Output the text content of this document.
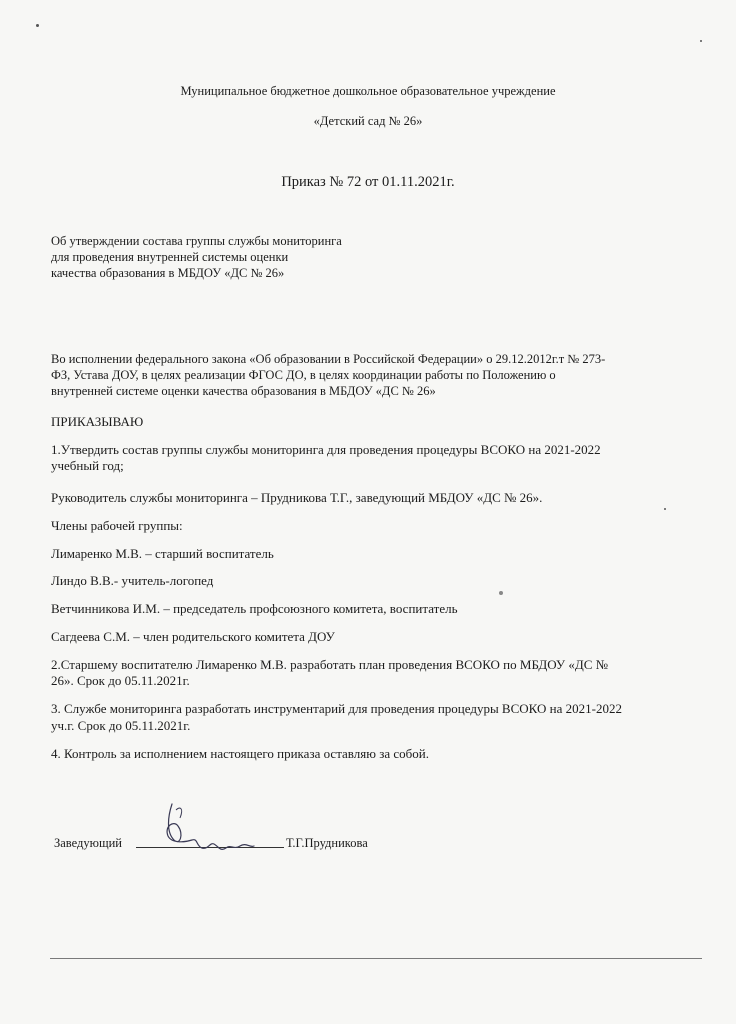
Муниципальное бюджетное дошкольное образовательное учреждение
«Детский сад № 26»
Приказ № 72 от 01.11.2021г.
Об утверждении состава группы службы мониторинга
для проведения внутренней системы оценки
качества образования в МБДОУ «ДС № 26»
Во исполнении федерального закона «Об образовании в Российской Федерации» о 29.12.2012г.т № 273-
ФЗ, Устава ДОУ, в целях реализации ФГОС ДО, в целях координации работы по Положению о
внутренней системе оценки качества образования в МБДОУ «ДС № 26»
ПРИКАЗЫВАЮ
1.Утвердить состав группы службы мониторинга для проведения процедуры ВСОКО на 2021-2022
учебный год;
Руководитель службы мониторинга – Прудникова Т.Г., заведующий МБДОУ «ДС № 26».
Члены рабочей группы:
Лимаренко М.В. – старший воспитатель
Линдо В.В.- учитель-логопед
Ветчинникова И.М. – председатель профсоюзного комитета, воспитатель
Сагдеева С.М. – член родительского комитета ДОУ
2.Старшему воспитателю Лимаренко М.В. разработать план проведения ВСОКО по МБДОУ «ДС №
26». Срок до 05.11.2021г.
3. Службе мониторинга разработать инструментарий для проведения процедуры ВСОКО на 2021-2022
уч.г. Срок до 05.11.2021г.
4. Контроль за исполнением настоящего приказа оставляю за собой.
Заведующий	Т.Г.Прудникова
